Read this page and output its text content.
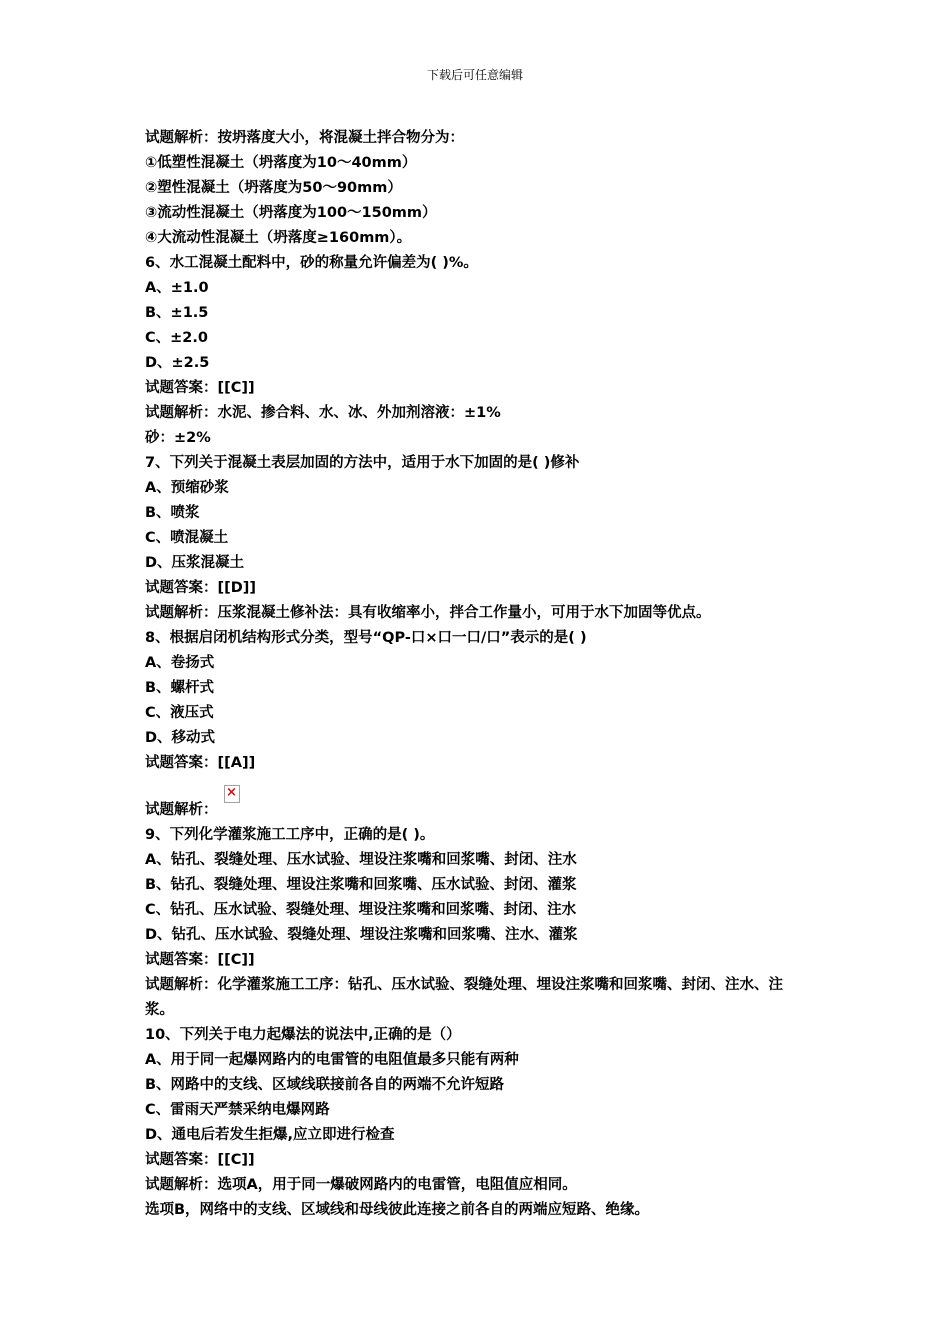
下载后可任意编辑
试题解析：按坍落度大小，将混凝土拌合物分为：
①低塑性混凝土（坍落度为10～40mm）
②塑性混凝土（坍落度为50～90mm）
③流动性混凝土（坍落度为100～150mm）
④大流动性混凝土（坍落度≥160mm）。
6、水工混凝土配料中，砂的称量允许偏差为( )%。
A、±1.0
B、±1.5
C、±2.0
D、±2.5
试题答案：[[C]]
试题解析：水泥、掺合料、水、冰、外加剂溶液：±1%
砂：±2%
7、下列关于混凝土表层加固的方法中，适用于水下加固的是( )修补
A、预缩砂浆
B、喷浆
C、喷混凝土
D、压浆混凝土
试题答案：[[D]]
试题解析：压浆混凝土修补法：具有收缩率小，拌合工作量小，可用于水下加固等优点。
8、根据启闭机结构形式分类，型号“QP-口×口一口/口”表示的是( )
A、卷扬式
B、螺杆式
C、液压式
D、移动式
试题答案：[[A]]
试题解析：
×
9、下列化学灌浆施工工序中，正确的是( )。
A、钻孔、裂缝处理、压水试验、埋设注浆嘴和回浆嘴、封闭、注水
B、钻孔、裂缝处理、埋设注浆嘴和回浆嘴、压水试验、封闭、灌浆
C、钻孔、压水试验、裂缝处理、埋设注浆嘴和回浆嘴、封闭、注水
D、钻孔、压水试验、裂缝处理、埋设注浆嘴和回浆嘴、注水、灌浆
试题答案：[[C]]
试题解析：化学灌浆施工工序：钻孔、压水试验、裂缝处理、埋设注浆嘴和回浆嘴、封闭、注水、注浆。
10、下列关于电力起爆法的说法中,正确的是（）
A、用于同一起爆网路内的电雷管的电阻值最多只能有两种
B、网路中的支线、区域线联接前各自的两端不允许短路
C、雷雨天严禁采纳电爆网路
D、通电后若发生拒爆,应立即进行检查
试题答案：[[C]]
试题解析：选项A，用于同一爆破网路内的电雷管，电阻值应相同。
选项B，网络中的支线、区域线和母线彼此连接之前各自的两端应短路、绝缘。
